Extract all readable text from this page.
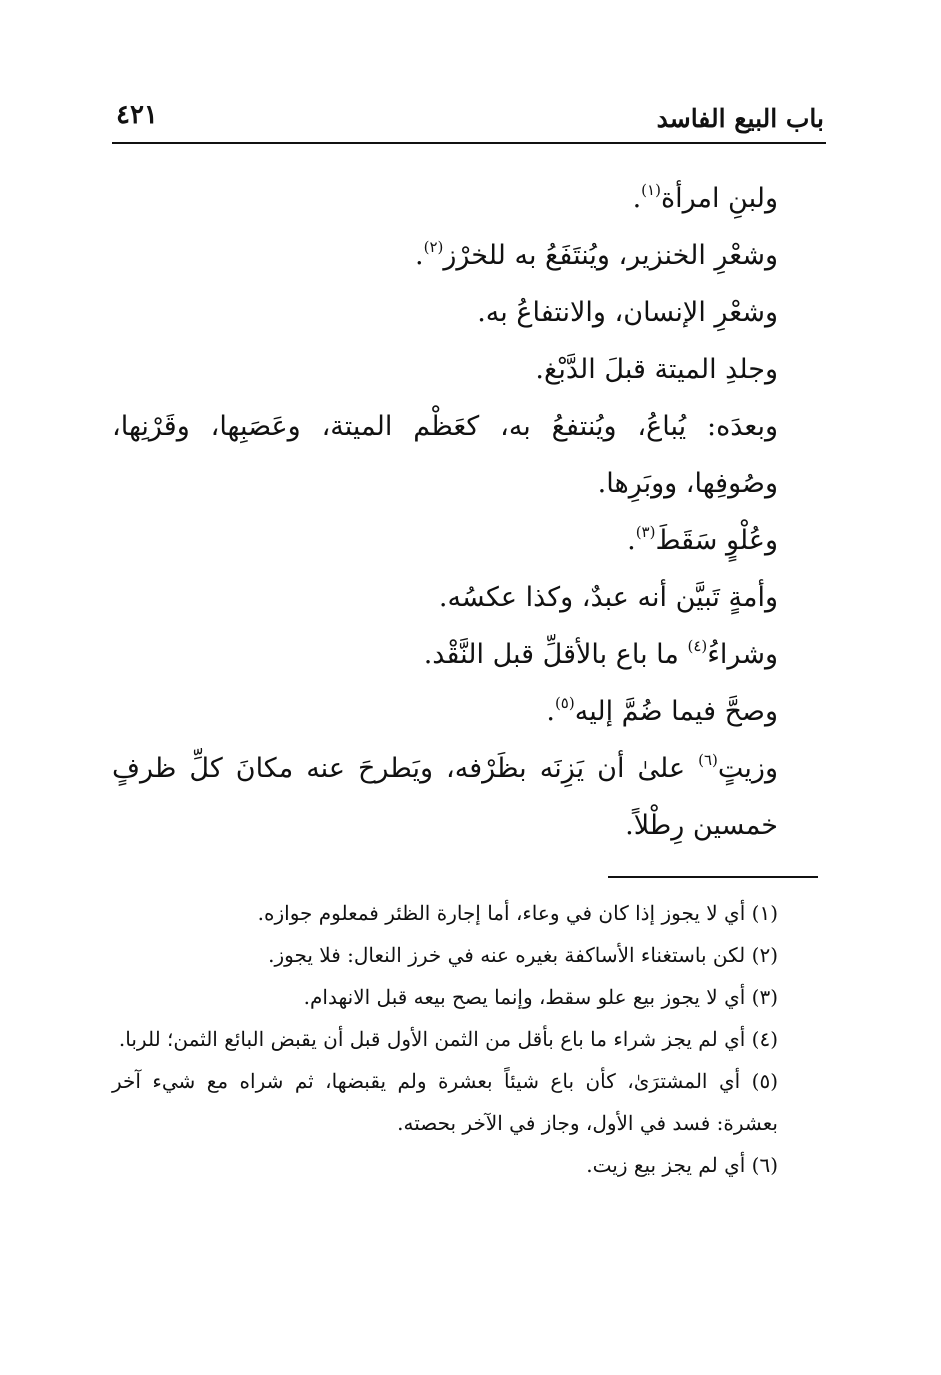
باب البيع الفاسد
٤٢١
ولبنِ امرأة$^{(١)}$.
وشعْرِ الخنزير، ويُنتَفَعُ به للخرْز$^{(٢)}$.
وشعْرِ الإنسان، والانتفاعُ به.
وجلدِ الميتة قبلَ الدَّبْغ.
وبعدَه: يُباعُ، ويُنتفعُ به، كعَظْم الميتة، وعَصَبِها، وقَرْنِها، وصُوفِها، ووبَرِها.
وعُلْوٍ سَقَطَ$^{(٣)}$.
وأمةٍ تَبيَّن أنه عبدٌ، وكذا عكسُه.
وشراءُ$^{(٤)}$ ما باع بالأقلِّ قبل النَّقْد.
وصحَّ فيما ضُمَّ إليه$^{(٥)}$.
وزيتٍ$^{(٦)}$ علىٰ أن يَزِنَه بظَرْفه، ويَطرحَ عنه مكانَ كلِّ ظرفٍ خمسين رِطْلاً.
(١) أي لا يجوز إذا كان في وعاء، أما إجارة الظئر فمعلوم جوازه.
(٢) لكن باستغناء الأساكفة بغيره عنه في خرز النعال: فلا يجوز.
(٣) أي لا يجوز بيع علو سقط، وإنما يصح بيعه قبل الانهدام.
(٤) أي لم يجز شراء ما باع بأقل من الثمن الأول قبل أن يقبض البائع الثمن؛ للربا.
(٥) أي المشترَىٰ، كأن باع شيئاً بعشرة ولم يقبضها، ثم شراه مع شيء آخر بعشرة: فسد في الأول، وجاز في الآخر بحصته.
(٦) أي لم يجز بيع زيت.
